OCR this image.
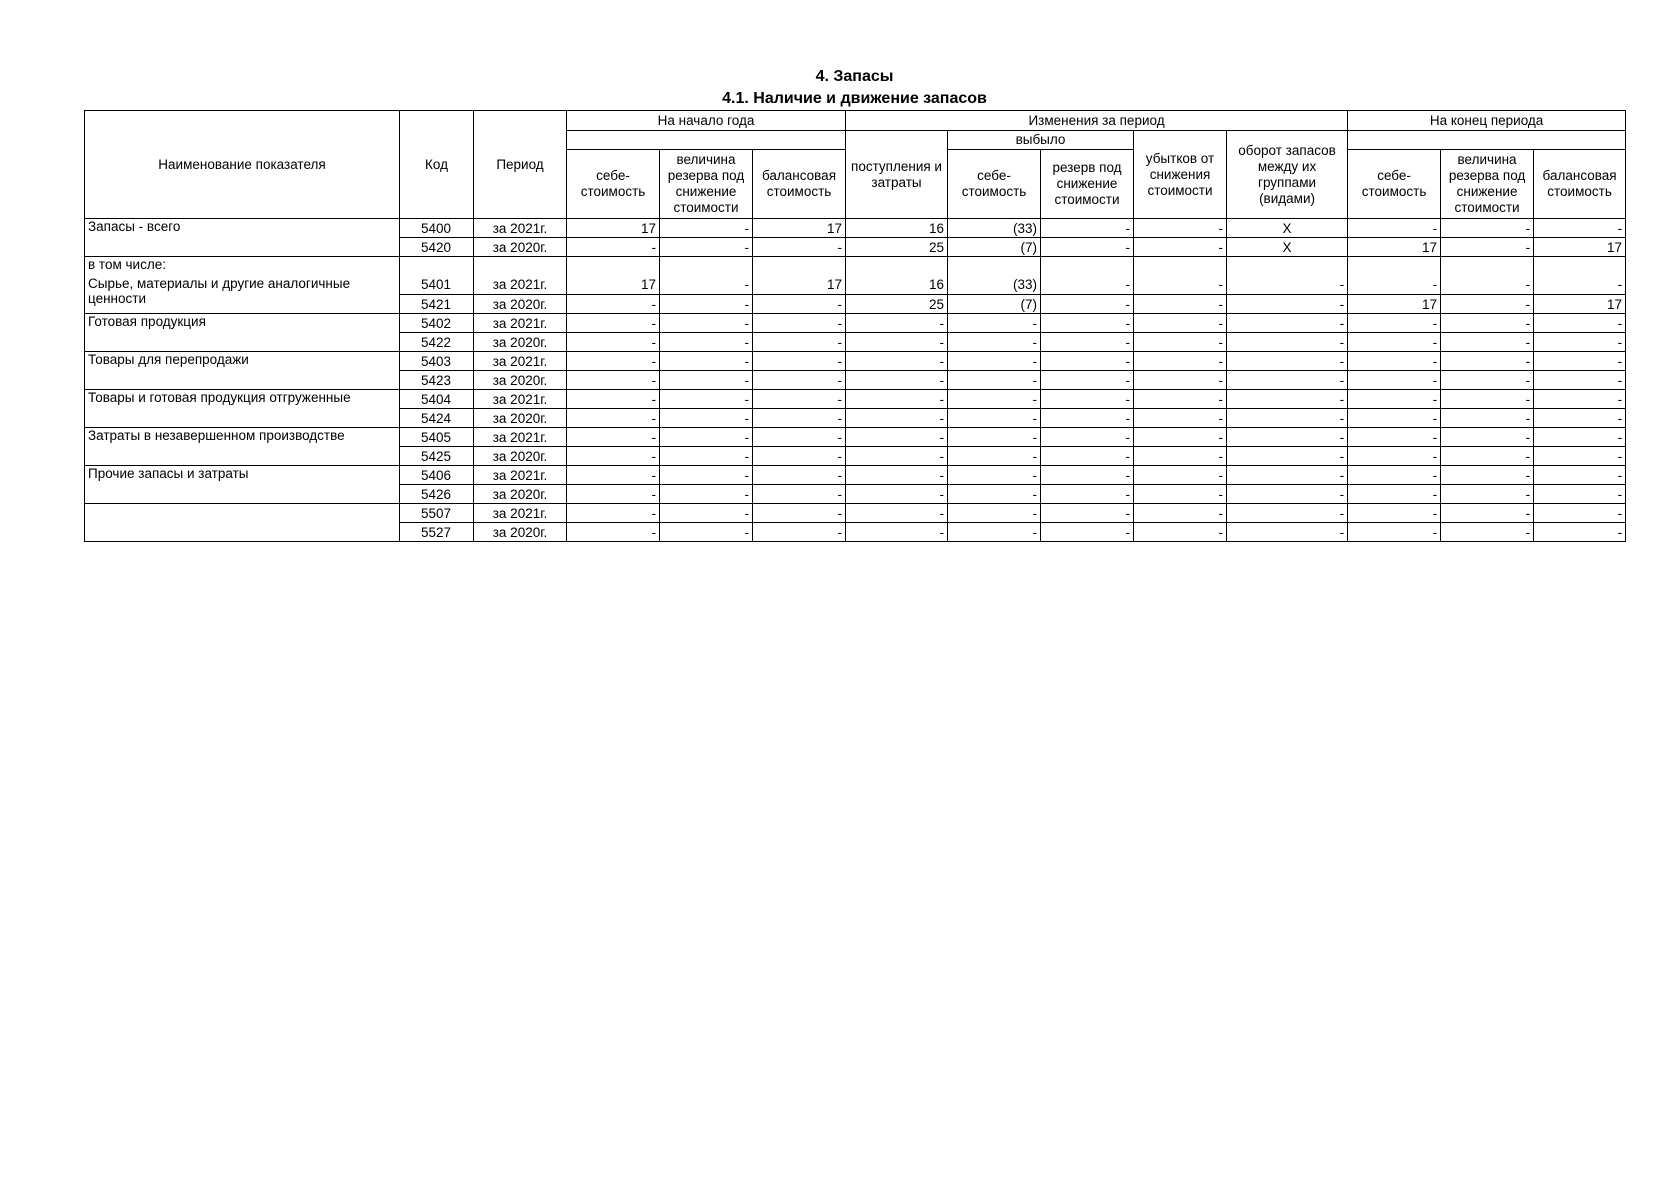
4. Запасы
4.1. Наличие и движение запасов
Наименование показателя	Код	Период	На начало года			Изменения за период					На конец периода		
						поступления и затраты	выбыло		убытков от снижения стоимости	оборот запасов между их группами (видами)			
			себе-стоимость	величина резерва под снижение стоимости	балансовая стоимость		себе-стоимость	резерв под снижение стоимости			себе-стоимость	величина резерва под снижение стоимости	балансовая стоимость
Запасы - всего	5400	за 2021г.	17	-	17	16	(33)	-	-	X	-	-	-
	5420	за 2020г.	-	-	-	25	(7)	-	-	X	17	-	17
в том числе:													
Сырье, материалы и другие аналогичные ценности	5401	за 2021г.	17	-	17	16	(33)	-	-	-	-	-	-
	5421	за 2020г.	-	-	-	25	(7)	-	-	-	17	-	17
Готовая продукция	5402	за 2021г.	-	-	-	-	-	-	-	-	-	-	-
	5422	за 2020г.	-	-	-	-	-	-	-	-	-	-	-
Товары для перепродажи	5403	за 2021г.	-	-	-	-	-	-	-	-	-	-	-
	5423	за 2020г.	-	-	-	-	-	-	-	-	-	-	-
Товары и готовая продукция отгруженные	5404	за 2021г.	-	-	-	-	-	-	-	-	-	-	-
	5424	за 2020г.	-	-	-	-	-	-	-	-	-	-	-
Затраты в незавершенном производстве	5405	за 2021г.	-	-	-	-	-	-	-	-	-	-	-
	5425	за 2020г.	-	-	-	-	-	-	-	-	-	-	-
Прочие запасы и затраты	5406	за 2021г.	-	-	-	-	-	-	-	-	-	-	-
	5426	за 2020г.	-	-	-	-	-	-	-	-	-	-	-
	5507	за 2021г.	-	-	-	-	-	-	-	-	-	-	-
	5527	за 2020г.	-	-	-	-	-	-	-	-	-	-	-
